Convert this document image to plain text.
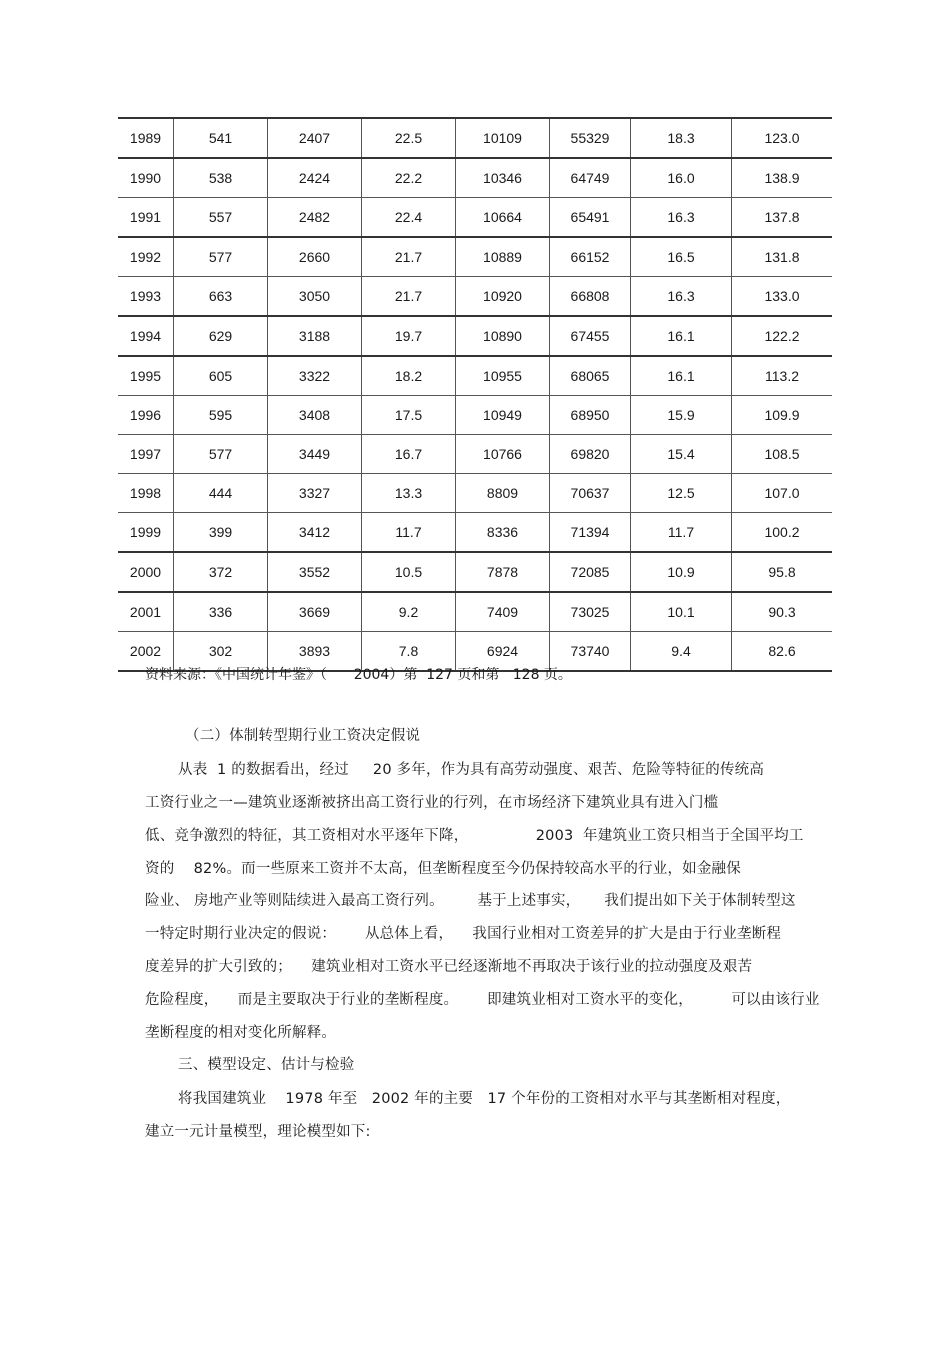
1989	541	2407	22.5	10109	55329	18.3	123.0
1990	538	2424	22.2	10346	64749	16.0	138.9
1991	557	2482	22.4	10664	65491	16.3	137.8
1992	577	2660	21.7	10889	66152	16.5	131.8
1993	663	3050	21.7	10920	66808	16.3	133.0
1994	629	3188	19.7	10890	67455	16.1	122.2
1995	605	3322	18.2	10955	68065	16.1	113.2
1996	595	3408	17.5	10949	68950	15.9	109.9
1997	577	3449	16.7	10766	69820	15.4	108.5
1998	444	3327	13.3	8809	70637	12.5	107.0
1999	399	3412	11.7	8336	71394	11.7	100.2
2000	372	3552	10.5	7878	72085	10.9	95.8
2001	336	3669	9.2	7409	73025	10.1	90.3
2002	302	3893	7.8	6924	73740	9.4	82.6
资料来源：《中国统计年鉴》（      2004）第  127 页和第   128 页。
（二）体制转型期行业工资决定假说
从表  1 的数据看出，经过     20 多年，作为具有高劳动强度、艰苦、危险等特征的传统高
工资行业之一—建筑业逐渐被挤出高工资行业的行列，在市场经济下建筑业具有进入门槛
低、竞争激烈的特征，其工资相对水平逐年下降，              2003  年建筑业工资只相当于全国平均工
资的    82%。而一些原来工资并不太高，但垄断程度至今仍保持较高水平的行业，如金融保
险业、 房地产业等则陆续进入最高工资行列。       基于上述事实，     我们提出如下关于体制转型这
一特定时期行业决定的假说：      从总体上看，    我国行业相对工资差异的扩大是由于行业垄断程
度差异的扩大引致的；    建筑业相对工资水平已经逐渐地不再取决于该行业的拉动强度及艰苦
危险程度，    而是主要取决于行业的垄断程度。      即建筑业相对工资水平的变化，        可以由该行业
垄断程度的相对变化所解释。
三、模型设定、估计与检验
将我国建筑业    1978 年至   2002 年的主要   17 个年份的工资相对水平与其垄断相对程度，
建立一元计量模型，理论模型如下:
